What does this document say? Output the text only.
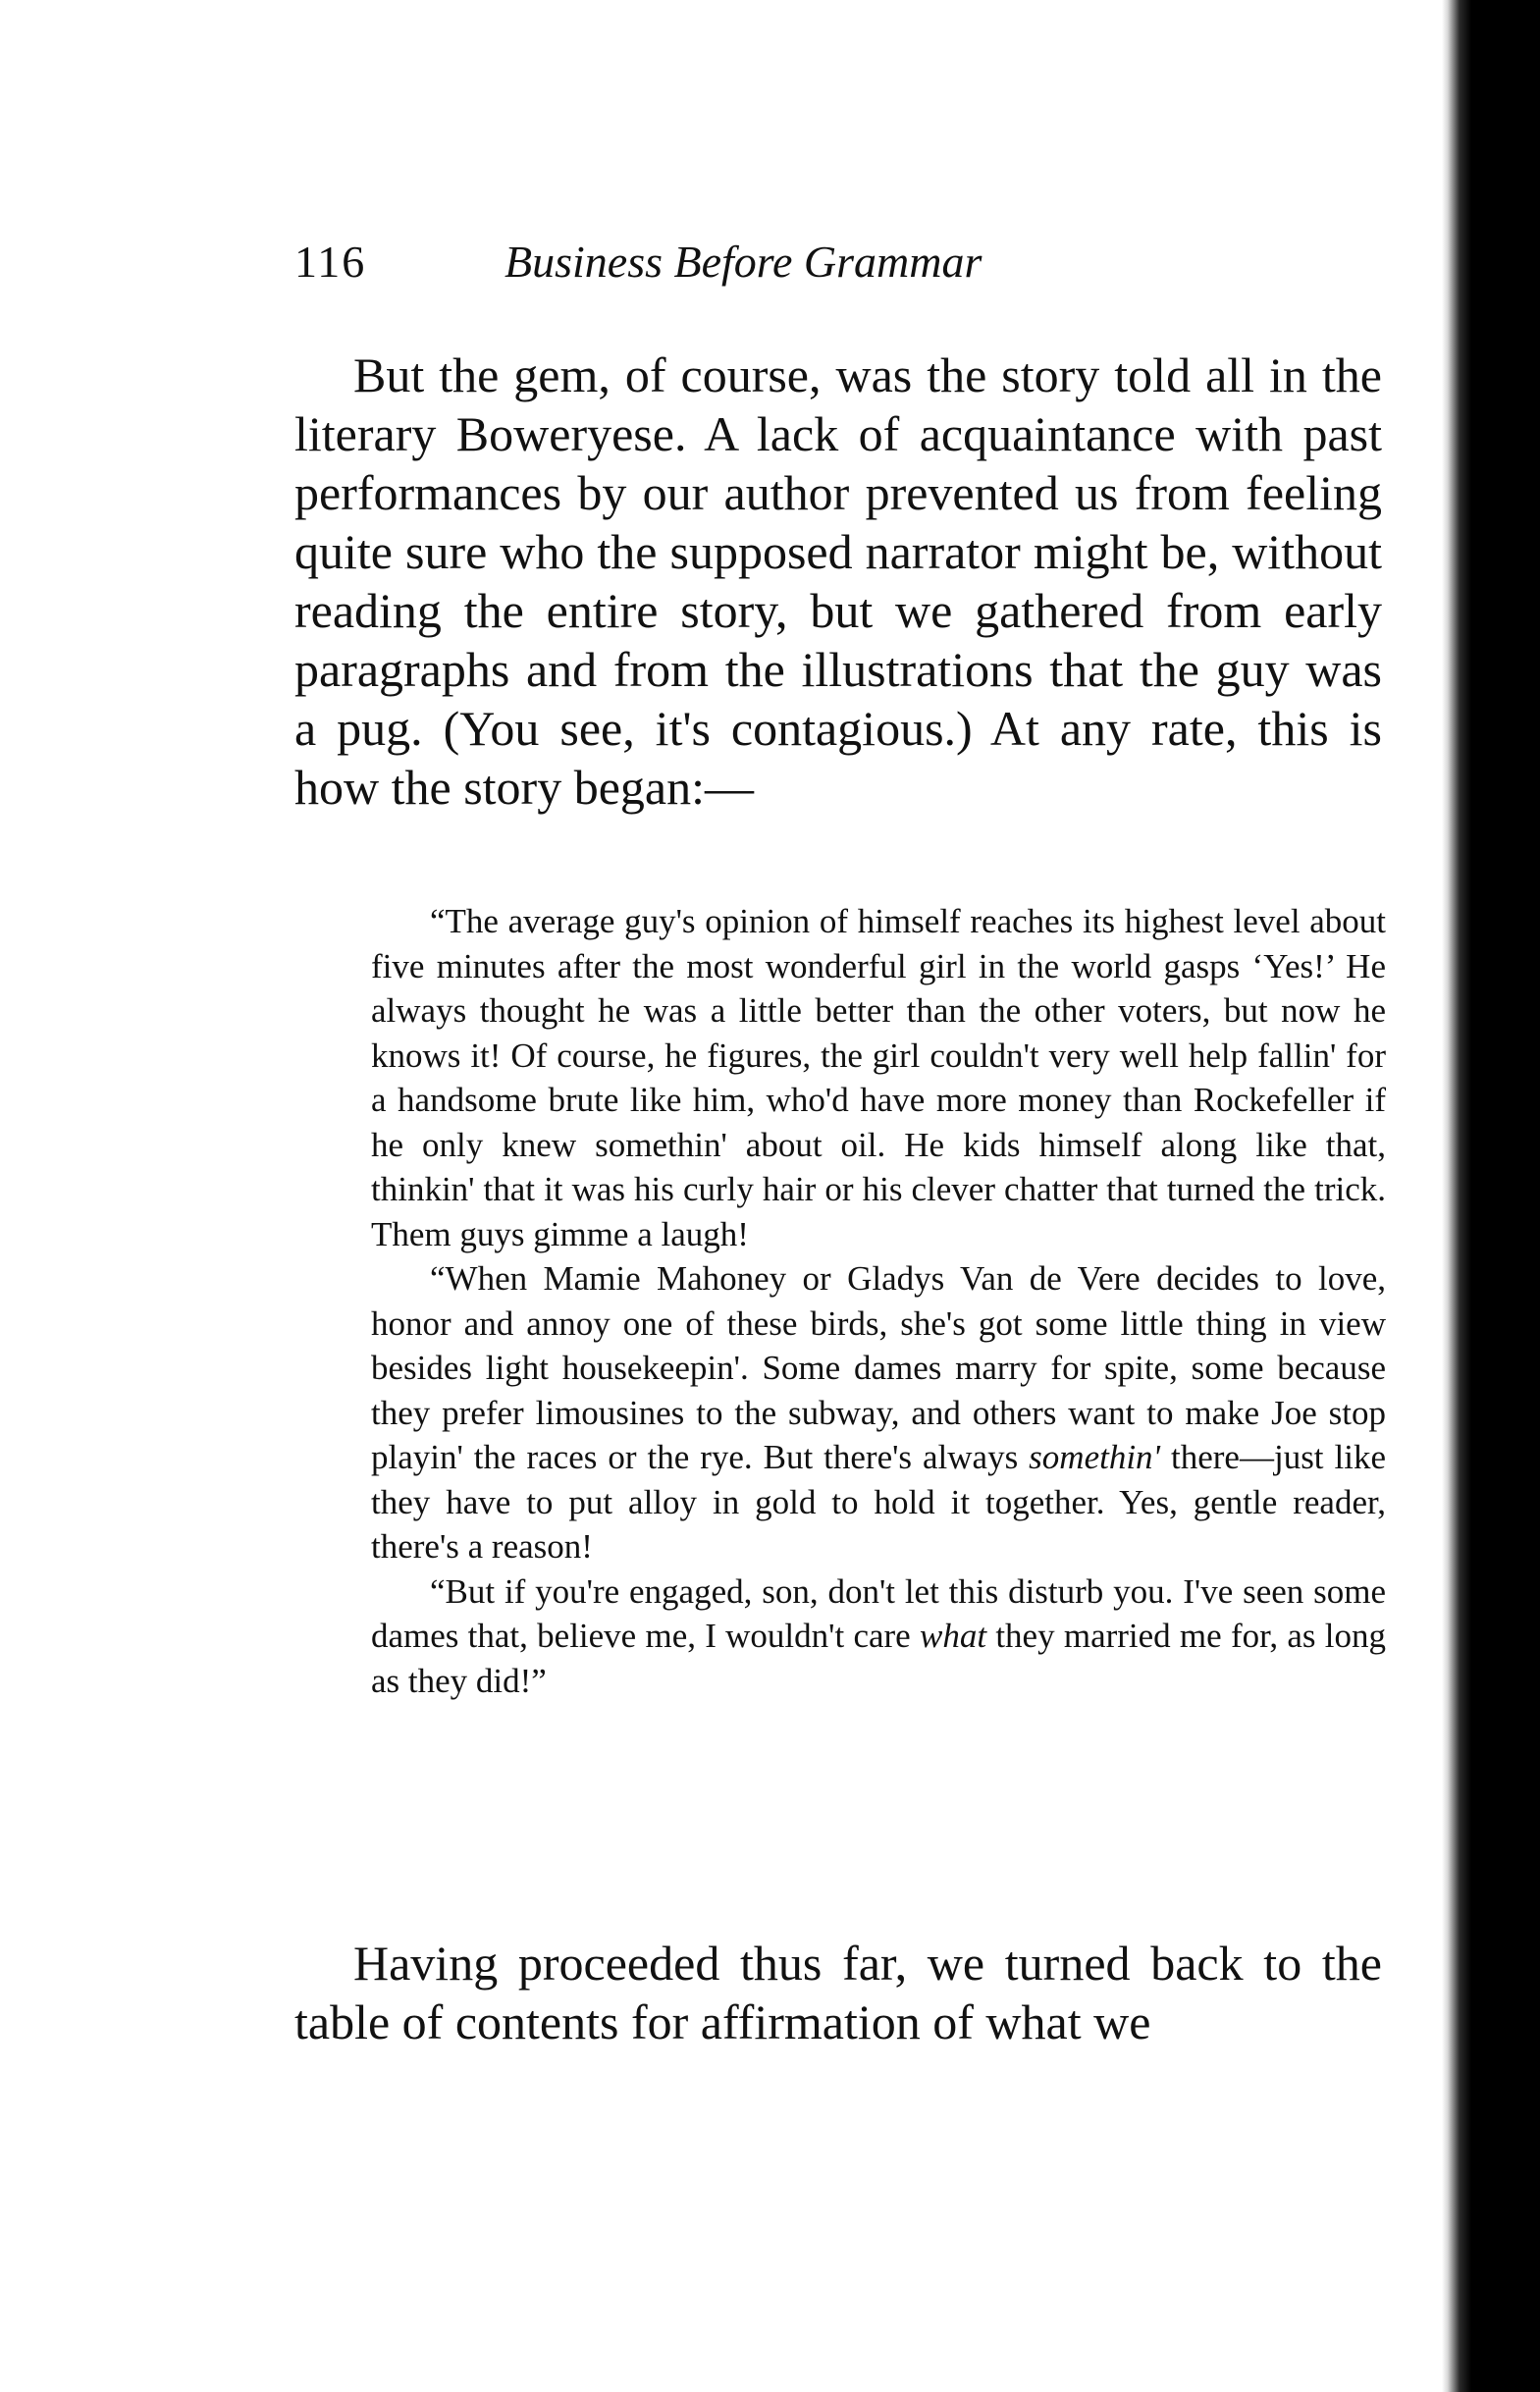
116	Business Before Grammar

But the gem, of course, was the story told all in the literary Boweryese. A lack of acquaintance with past performances by our author prevented us from feeling quite sure who the supposed narrator might be, without reading the entire story, but we gathered from early paragraphs and from the illustrations that the guy was a pug. (You see, it's contagious.) At any rate, this is how the story began:—

“The average guy's opinion of himself reaches its highest level about five minutes after the most wonderful girl in the world gasps ‘Yes!’ He always thought he was a little better than the other voters, but now he knows it! Of course, he figures, the girl couldn't very well help fallin' for a handsome brute like him, who'd have more money than Rockefeller if he only knew somethin' about oil. He kids himself along like that, thinkin' that it was his curly hair or his clever chatter that turned the trick. Them guys gimme a laugh!

“When Mamie Mahoney or Gladys Van de Vere decides to love, honor and annoy one of these birds, she's got some little thing in view besides light housekeepin'. Some dames marry for spite, some because they prefer limousines to the subway, and others want to make Joe stop playin' the races or the rye. But there's always somethin' there—just like they have to put alloy in gold to hold it together. Yes, gentle reader, there's a reason!

“But if you're engaged, son, don't let this disturb you. I've seen some dames that, believe me, I wouldn't care what they married me for, as long as they did!”

Having proceeded thus far, we turned back to the table of contents for affirmation of what we
